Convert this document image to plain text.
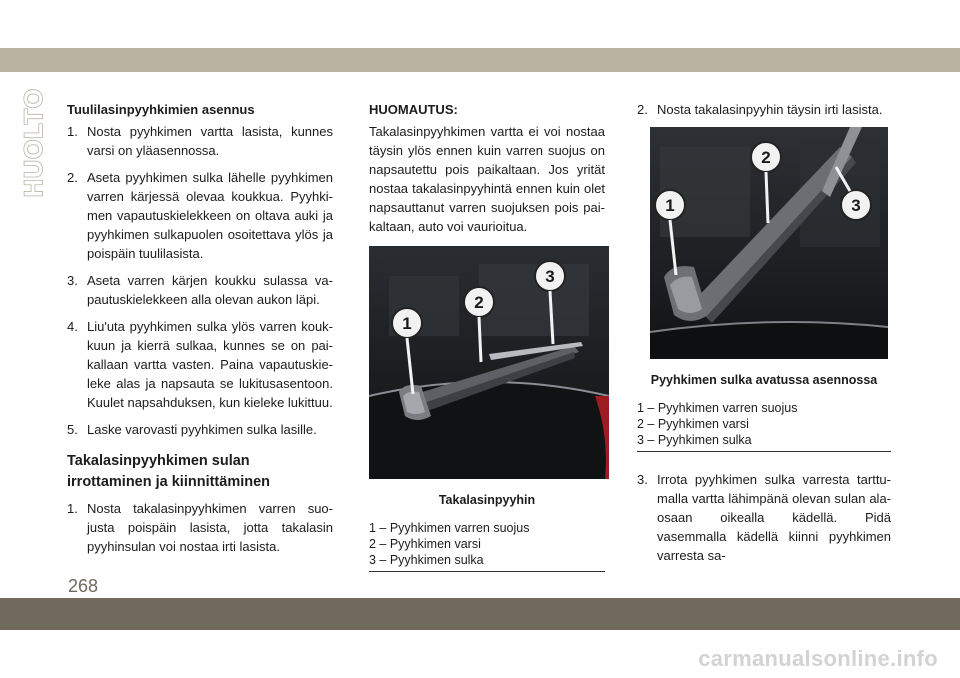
HUOLTO Tuulilasinpyyhkimien asennus
1. Nosta pyyhkimen vartta lasista, kunnes varsi on yläasennossa.
2. Aseta pyyhkimen sulka lähelle pyyhkimen varren kärjessä olevaa koukkua. Pyyhki-men vapautuskielekkeen on oltava auki ja pyyhkimen sulkapuolen osoitettava ylös ja poispäin tuulilasista.
3. Aseta varren kärjen koukku sulassa va-pautuskielekkeen alla olevan aukon läpi.
4. Liu'uta pyyhkimen sulka ylös varren kouk-kuun ja kierrä sulkaa, kunnes se on pai-kallaan vartta vasten. Paina vapautuskie-leke alas ja napsauta se lukitusasentoon. Kuulet napsahduksen, kun kieleke lukittuu.
5. Laske varovasti pyyhkimen sulka lasille.
Takalasinpyyhkimen sulan irrottaminen ja kiinnittäminen
1. Nosta takalasinpyyhkimen varren suo-justa poispäin lasista, jotta takalasin pyyhinsulan voi nostaa irti lasista.
HUOMAUTUS:

Takalasinpyyhkimen vartta ei voi nostaa täysin ylös ennen kuin varren suojus on napsautettu pois paikaltaan. Jos yrität nostaa takalasinpyyhintä ennen kuin olet napsauttanut varren suojuksen pois pai-kaltaan, auto voi vaurioitua.

1
2
3
Takalasinpyyhin
1 – Pyyhkimen varren suojus
2 – Pyyhkimen varsi
3 – Pyyhkimen sulka
2. Nosta takalasinpyyhin täysin irti lasista.
1
2
3
Pyyhkimen sulka avatussa asennossa
1 – Pyyhkimen varren suojus
2 – Pyyhkimen varsi
3 – Pyyhkimen sulka
3. Irrota pyyhkimen sulka varresta tarttu-malla vartta lähimpänä olevan sulan ala-osaan oikealla kädellä. Pidä vasemmalla kädellä kiinni pyyhkimen varresta sa-
268
carmanualsonline.info
